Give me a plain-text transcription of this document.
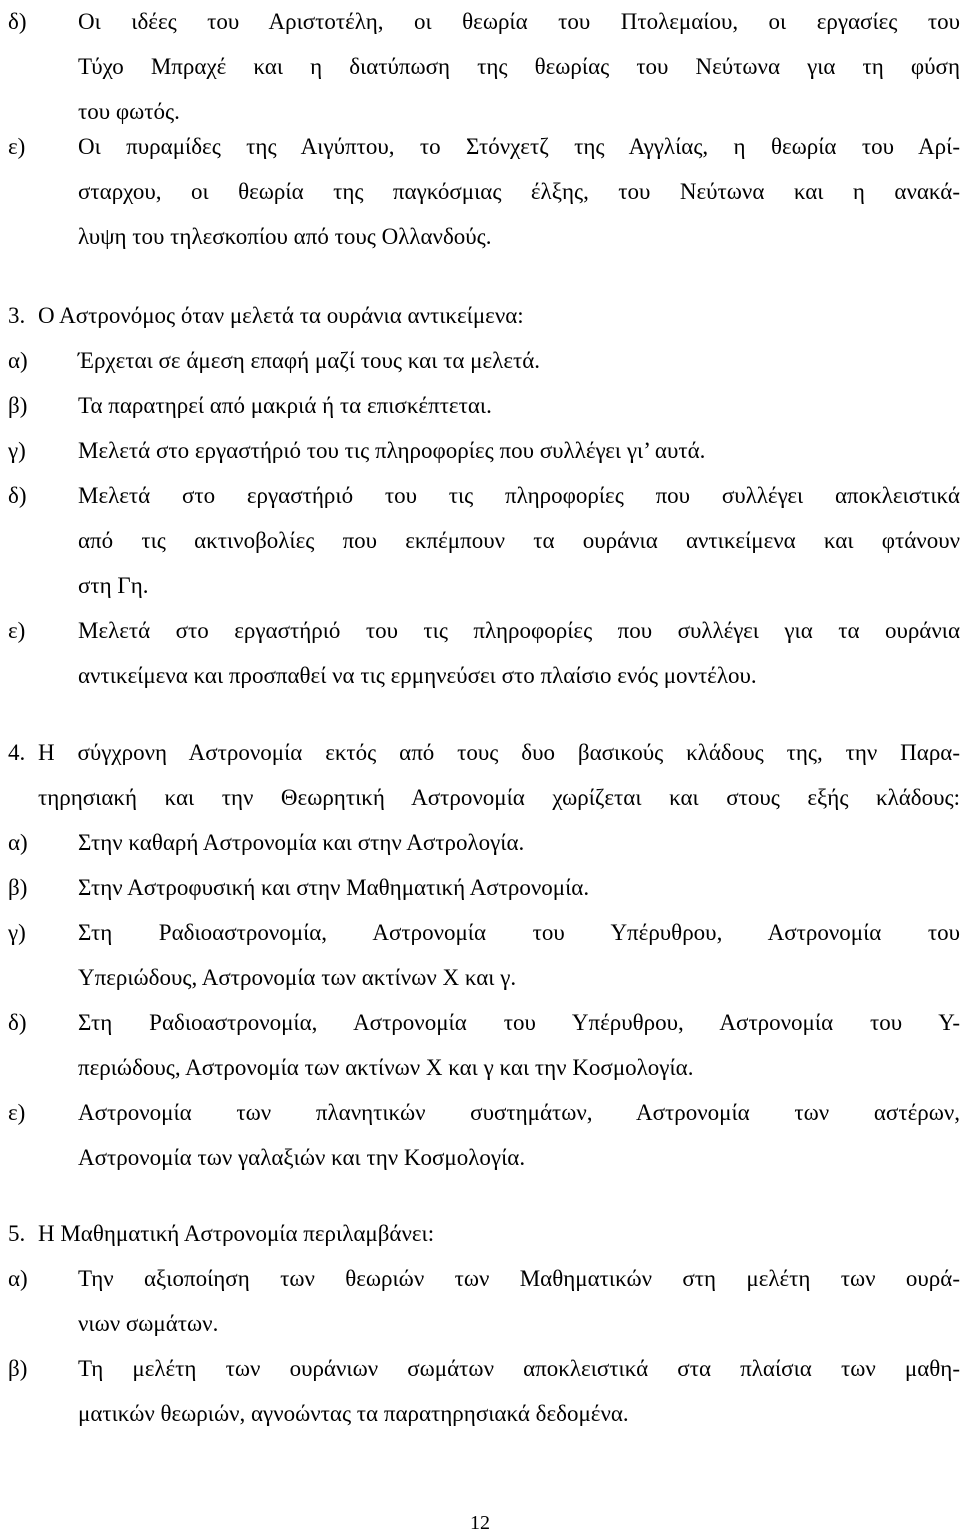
δ) Οι ιδέες του Αριστοτέλη, οι θεωρία του Πτολεμαίου, οι εργασίες του
Τύχο Μπραχέ και η διατύπωση της θεωρίας του Νεύτωνα για τη φύση
του φωτός.
ε) Οι πυραμίδες της Αιγύπτου, το Στόνχετζ της Αγγλίας, η θεωρία του Αρί-
σταρχου, οι θεωρία της παγκόσμιας έλξης, του Νεύτωνα και η ανακά-
λυψη του τηλεσκοπίου από τους Ολλανδούς.
3. Ο Αστρονόμος όταν μελετά τα ουράνια αντικείμενα:
α) Έρχεται σε άμεση επαφή μαζί τους και τα μελετά.
β) Τα παρατηρεί από μακριά ή τα επισκέπτεται.
γ) Μελετά στο εργαστήριό του τις πληροφορίες που συλλέγει γι’ αυτά.
δ) Μελετά στο εργαστήριό του τις πληροφορίες που συλλέγει αποκλειστικά
από τις ακτινοβολίες που εκπέμπουν τα ουράνια αντικείμενα και φτάνουν
στη Γη.
ε) Μελετά στο εργαστήριό του τις πληροφορίες που συλλέγει για τα ουράνια
αντικείμενα και προσπαθεί να τις ερμηνεύσει στο πλαίσιο ενός μοντέλου.
4. Η σύγχρονη Αστρονομία εκτός από τους δυο βασικούς κλάδους της, την Παρα-
τηρησιακή και την Θεωρητική Αστρονομία χωρίζεται και στους εξής κλάδους:
α) Στην καθαρή Αστρονομία και στην Αστρολογία.
β) Στην Αστροφυσική και στην Μαθηματική Αστρονομία.
γ) Στη Ραδιοαστρονομία, Αστρονομία του Υπέρυθρου, Αστρονομία του
Υπεριώδους, Αστρονομία των ακτίνων Χ και γ.
δ) Στη Ραδιοαστρονομία, Αστρονομία του Υπέρυθρου, Αστρονομία του Υ-
περιώδους, Αστρονομία των ακτίνων Χ και γ και την Κοσμολογία.
ε) Αστρονομία των πλανητικών συστημάτων, Αστρονομία των αστέρων,
Αστρονομία των γαλαξιών και την Κοσμολογία.
5. Η Μαθηματική Αστρονομία περιλαμβάνει:
α) Την αξιοποίηση των θεωριών των Μαθηματικών στη μελέτη των ουρά-
νιων σωμάτων.
β) Τη μελέτη των ουράνιων σωμάτων αποκλειστικά στα πλαίσια των μαθη-
ματικών θεωριών, αγνοώντας τα παρατηρησιακά δεδομένα.
12
